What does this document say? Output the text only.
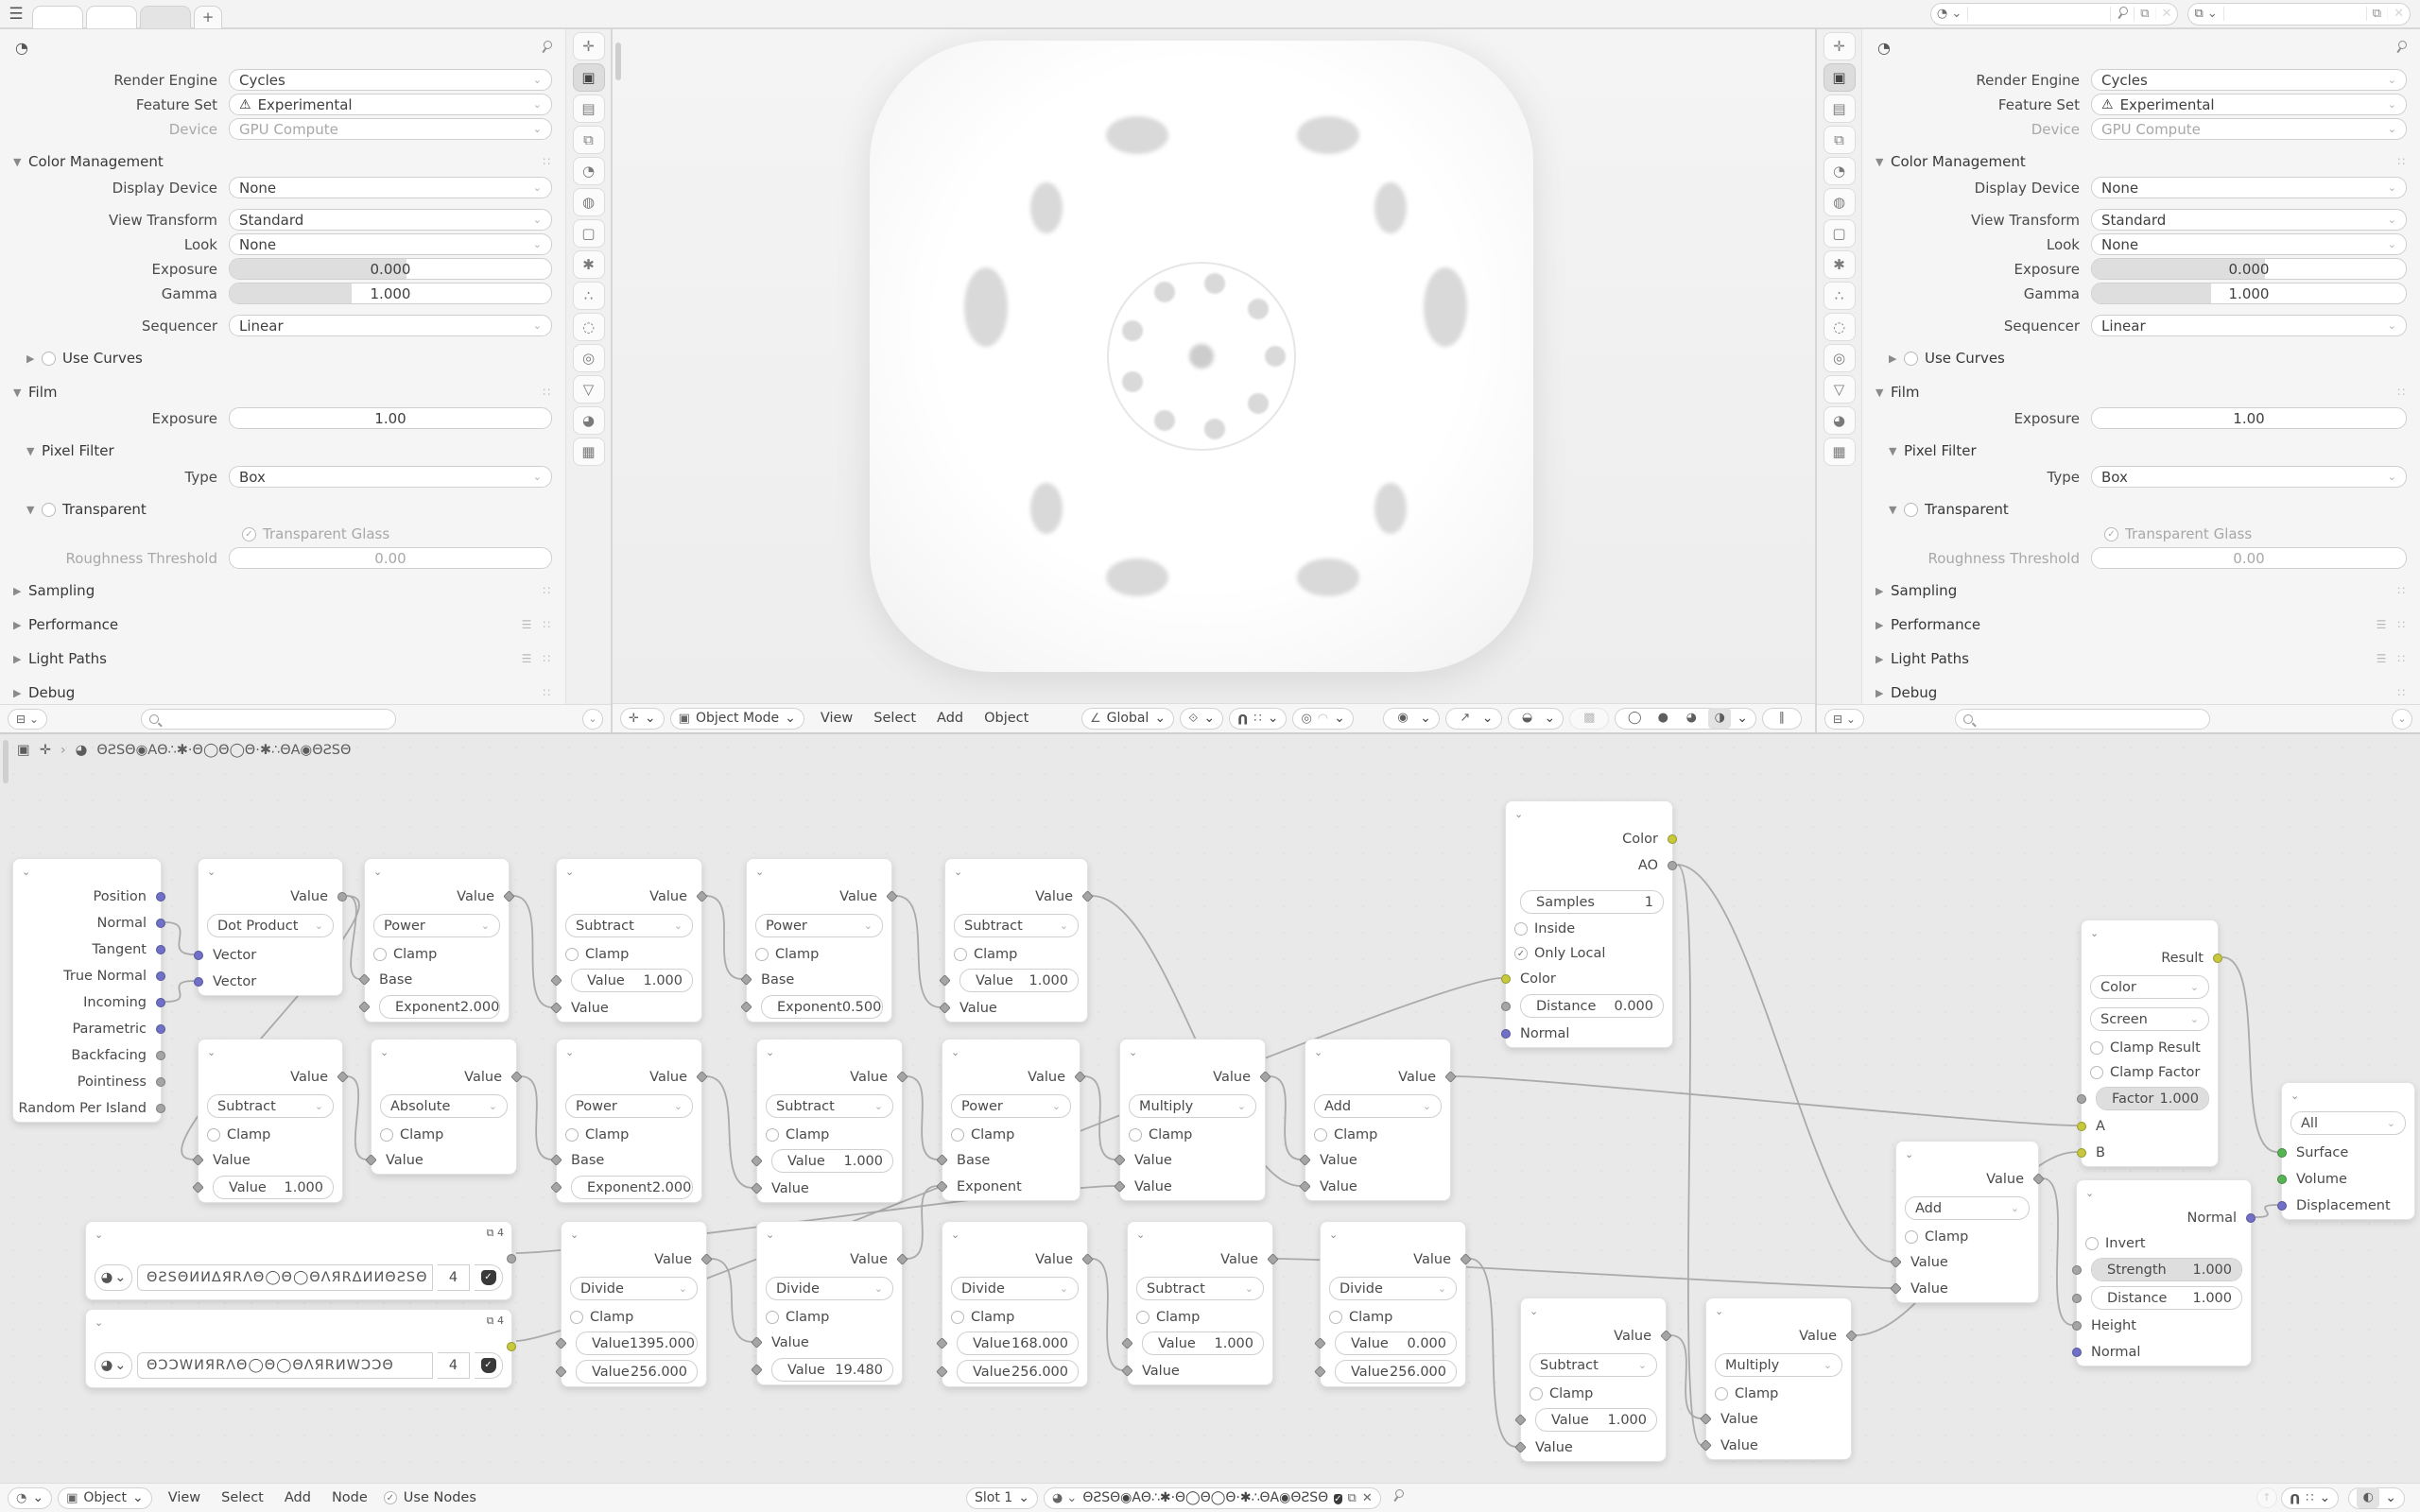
☰	+	◔ ⌄	⧉	✕	⧉ ⌄	⧉	✕
✛
▣
▤
⧉
◔
◍
▢
✱
∴
◌
◎
▽
◕
▦
◔
Render Engine	Cycles	⌄
Feature Set	⚠ Experimental	⌄
Device	GPU Compute	⌄
▼ Color Management	∷
Display Device	None	⌄
View Transform	Standard	⌄
Look	None	⌄
Exposure	0.000
Gamma	1.000
Sequencer	Linear	⌄
▶	Use Curves
▼ Film	∷
Exposure	1.00
▼ Pixel Filter
Type	Box	⌄
▼	Transparent
✓ Transparent Glass
Roughness Threshold	0.00
▶ Sampling	∷
▶ Performance	☰ ∷
▶ Light Paths	☰ ∷
▶ Debug	∷
⊟ ⌄	⌄	✛ ⌄ ▣ Object Mode ⌄	View	Select	Add	Object	∠ Global ⌄ ⟐ ⌄ U ∷ ⌄ ◎ ◠ ⌄	◉ ⌄	↗ ⌄	◒ ⌄	▩	◯	●	◕	◑ ⌄	∥
✛
▣
▤
⧉
◔
◍
▢
✱
∴
◌
◎
▽
◕
▦
◔
Render Engine	Cycles	⌄
Feature Set	⚠ Experimental	⌄
Device	GPU Compute	⌄
▼ Color Management	∷
Display Device	None	⌄
View Transform	Standard	⌄
Look	None	⌄
Exposure	0.000
Gamma	1.000
Sequencer	Linear	⌄
▶	Use Curves
▼ Film	∷
Exposure	1.00
▼ Pixel Filter
Type	Box	⌄
▼	Transparent
✓ Transparent Glass
Roughness Threshold	0.00
▶ Sampling	∷
▶ Performance	☰ ∷
▶ Light Paths	☰ ∷
▶ Debug	∷
⊟ ⌄	⌄
▣ ✛ › ◕ ΘƧSΘ◉AΘ∴✱·Θ◯Θ◯Θ·✱∴ΘA◉ΘƧSΘ
⌄
Position
Normal
Tangent
True Normal
Incoming
Parametric
Backfacing
Pointiness
Random Per Island
⌄
Value
Dot Product	⌄
Vector
Vector
⌄
Value
Power	⌄
Clamp
Base
Exponent 2.000
⌄
Value
Subtract	⌄
Clamp
Value	1.000
Value
⌄
Value
Power	⌄
Clamp
Base
Exponent 0.500
⌄
Value
Subtract	⌄
Clamp
Value	1.000
Value
⌄
Value
Subtract	⌄
Clamp
Value
Value	1.000
⌄
Value
Absolute	⌄
Clamp
Value
⌄
Value
Power	⌄
Clamp
Base
Exponent 2.000
⌄
Value
Subtract	⌄
Clamp
Value	1.000
Value
⌄
Value
Power	⌄
Clamp
Base
Exponent
⌄
Value
Multiply	⌄
Clamp
Value
Value
⌄
Value
Add	⌄
Clamp
Value
Value
⌄	⧉ 4
◕ ⌄	ΘƧSΘИИΔЯRΛΘ◯Θ◯ΘΛЯRΔИИΘƧSΘ	4	✓
⌄	⧉ 4
◕ ⌄	ΘƆƆWИЯRΛΘ◯Θ◯ΘΛЯRИWƆƆΘ	4	✓
⌄
Value
Divide	⌄
Clamp
Value 1395.000
Value 256.000
⌄
Value
Divide	⌄
Clamp
Value
Value 19.480
⌄
Value
Divide	⌄
Clamp
Value 168.000
Value 256.000
⌄
Value
Subtract	⌄
Clamp
Value	1.000
Value
⌄
Value
Divide	⌄
Clamp
Value	0.000
Value 256.000
⌄
Value
Subtract	⌄
Clamp
Value	1.000
Value
⌄
Value
Multiply	⌄
Clamp
Value
Value
⌄
Color
AO
Samples	1
Inside
✓ Only Local
Color
Distance	0.000
Normal
⌄
Result
Color	⌄
Screen	⌄
Clamp Result
Clamp Factor
Factor 1.000
A
B
⌄
Value
Add	⌄
Clamp
Value
Value
⌄
Normal
Invert
Strength	1.000
Distance	1.000
Height
Normal
⌄
All	⌄
Surface
Volume
Displacement
◔ ⌄ ▣ Object ⌄	View	Select	Add	Node	✓ Use Nodes	Slot 1 ⌄ ◕ ⌄ ΘƧSΘ◉AΘ∴✱·Θ◯Θ◯Θ·✱∴ΘA◉ΘƧSΘ ✓ ⧉ ✕	↑	U ∷ ⌄	◐ ⌄
